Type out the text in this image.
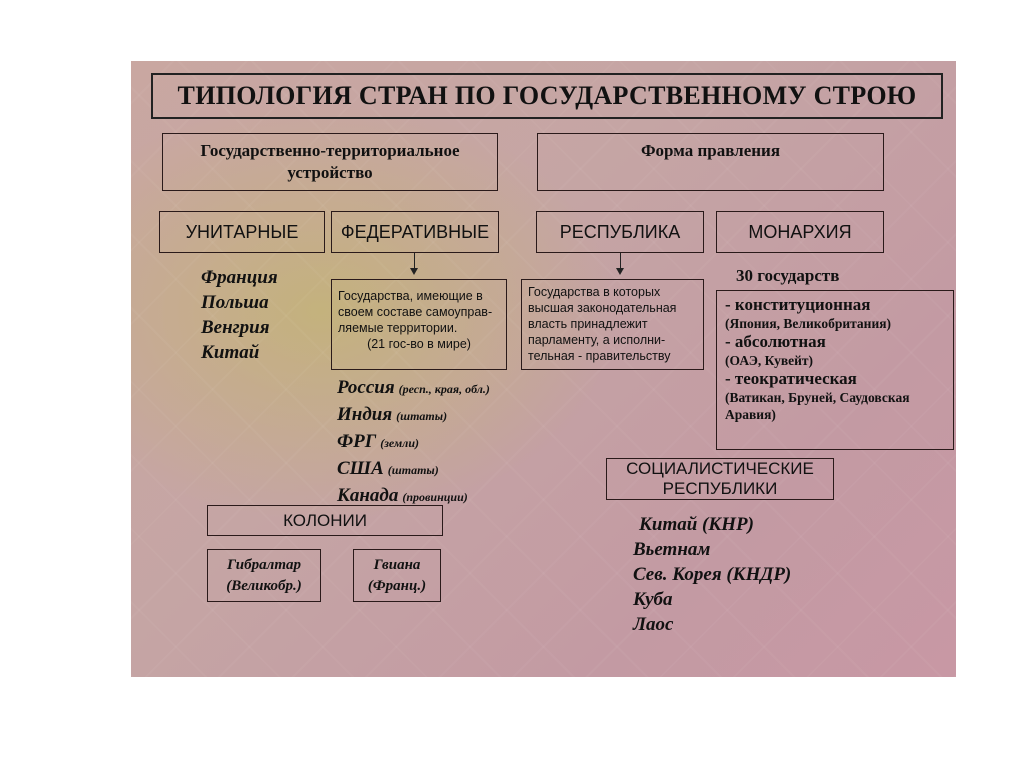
ТИПОЛОГИЯ СТРАН ПО ГОСУДАРСТВЕННОМУ СТРОЮ
Государственно-территориальное
устройство
Форма правления
УНИТАРНЫЕ	ФЕДЕРАТИВНЫЕ	РЕСПУБЛИКА	МОНАРХИЯ
Франция
Польша
Венгрия
Китай
Государства, имеющие в
своем составе самоуправ-
ляемые территории.
(21 гос-во в мире)
Государства в которых
высшая законодательная
власть принадлежит
парламенту, а исполни-
тельная - правительству
30 государств
- конституционная
(Япония, Великобритания)
- абсолютная
(ОАЭ, Кувейт)
- теократическая
(Ватикан, Бруней, Саудовская
Аравия)
Россия (респ., края, обл.)
Индия (штаты)
ФРГ (земли)
США (штаты)
Канада (провинции)
СОЦИАЛИСТИЧЕСКИЕ
РЕСПУБЛИКИ
Китай (КНР)
Вьетнам
Сев. Корея (КНДР)
Куба
Лаос
КОЛОНИИ
Гибралтар
(Великобр.)
Гвиана
(Франц.)
